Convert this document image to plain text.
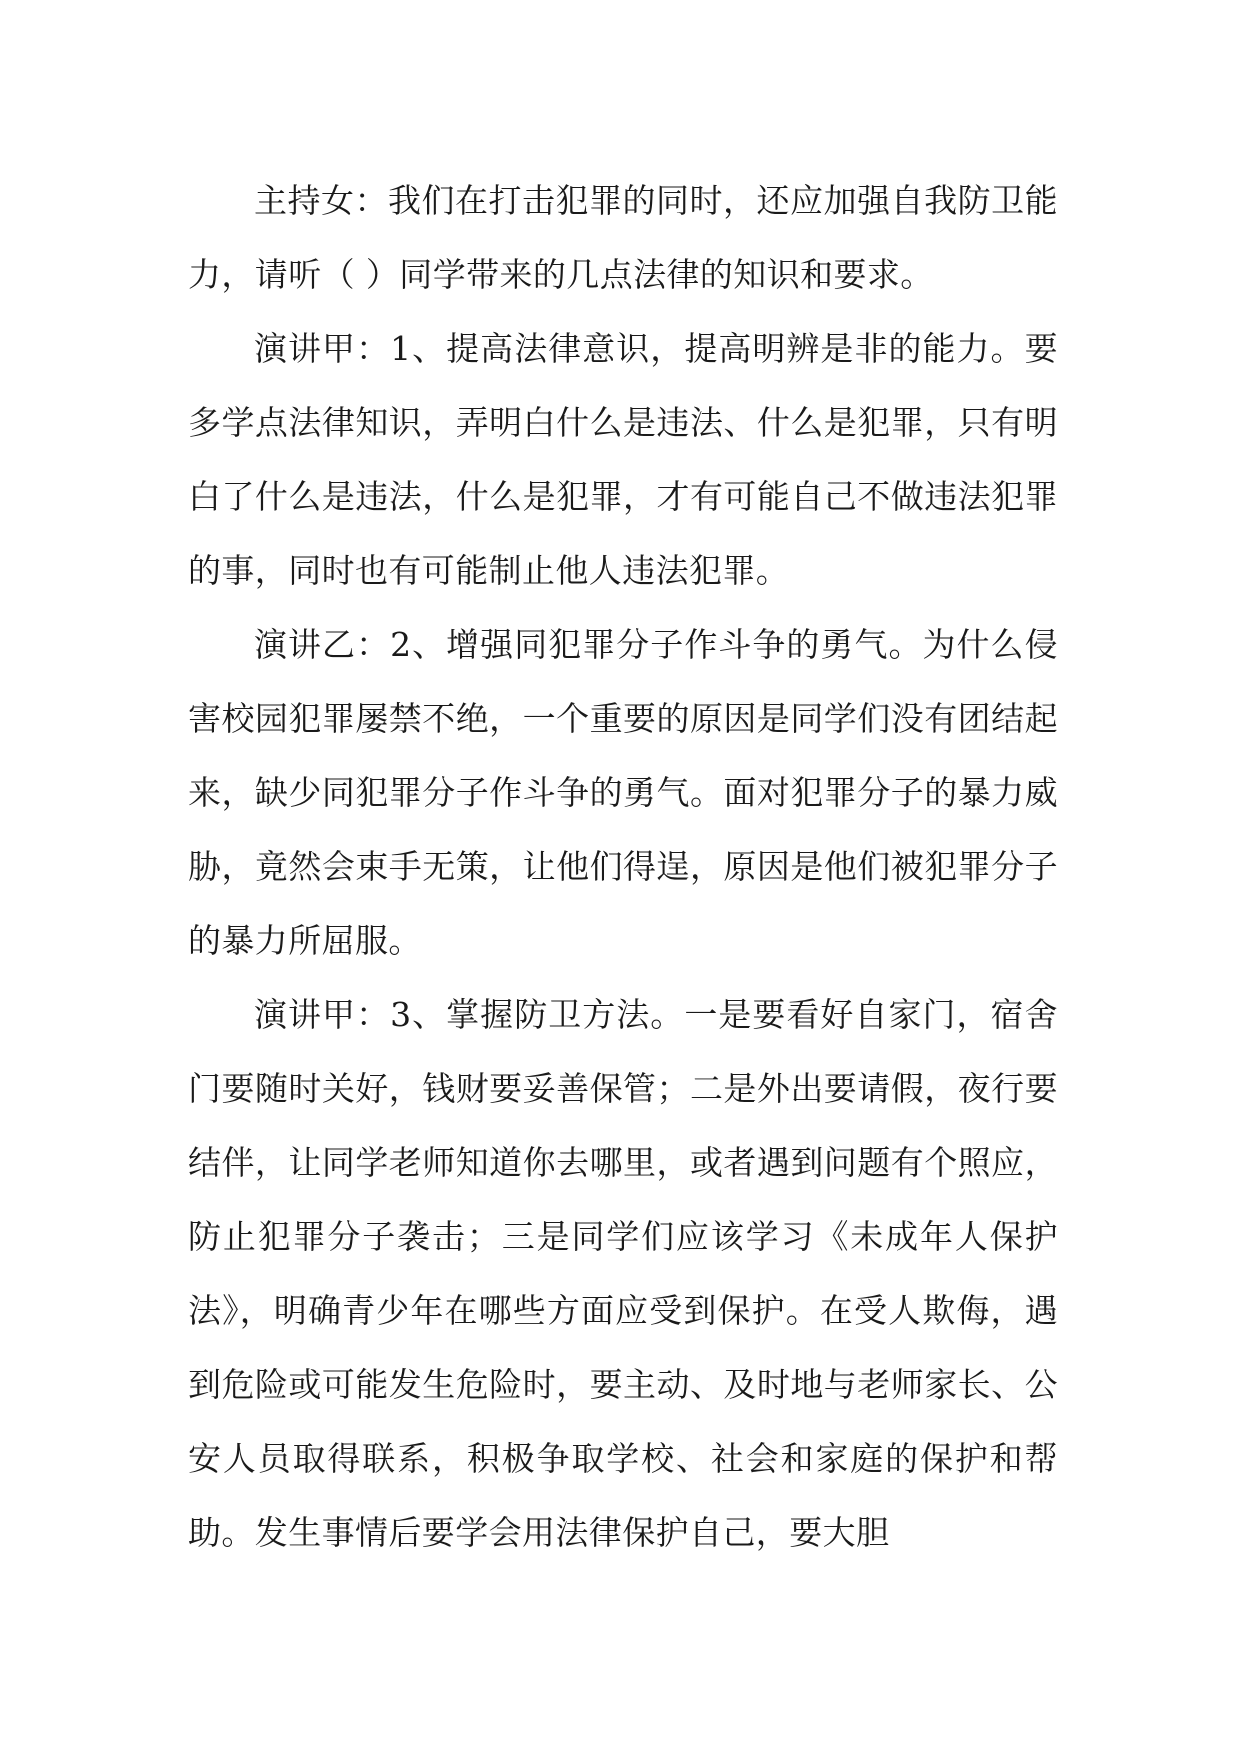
主持女：我们在打击犯罪的同时，还应加强自我防卫能力，请听（ ）同学带来的几点法律的知识和要求。

演讲甲：1、提高法律意识，提高明辨是非的能力。要多学点法律知识，弄明白什么是违法、什么是犯罪，只有明白了什么是违法，什么是犯罪，才有可能自己不做违法犯罪的事，同时也有可能制止他人违法犯罪。

演讲乙：2、增强同犯罪分子作斗争的勇气。为什么侵害校园犯罪屡禁不绝，一个重要的原因是同学们没有团结起来，缺少同犯罪分子作斗争的勇气。面对犯罪分子的暴力威胁，竟然会束手无策，让他们得逞，原因是他们被犯罪分子的暴力所屈服。

演讲甲：3、掌握防卫方法。一是要看好自家门，宿舍门要随时关好，钱财要妥善保管；二是外出要请假，夜行要结伴，让同学老师知道你去哪里，或者遇到问题有个照应，防止犯罪分子袭击；三是同学们应该学习《未成年人保护法》，明确青少年在哪些方面应受到保护。在受人欺侮，遇到危险或可能发生危险时，要主动、及时地与老师家长、公安人员取得联系，积极争取学校、社会和家庭的保护和帮助。发生事情后要学会用法律保护自己，要大胆
